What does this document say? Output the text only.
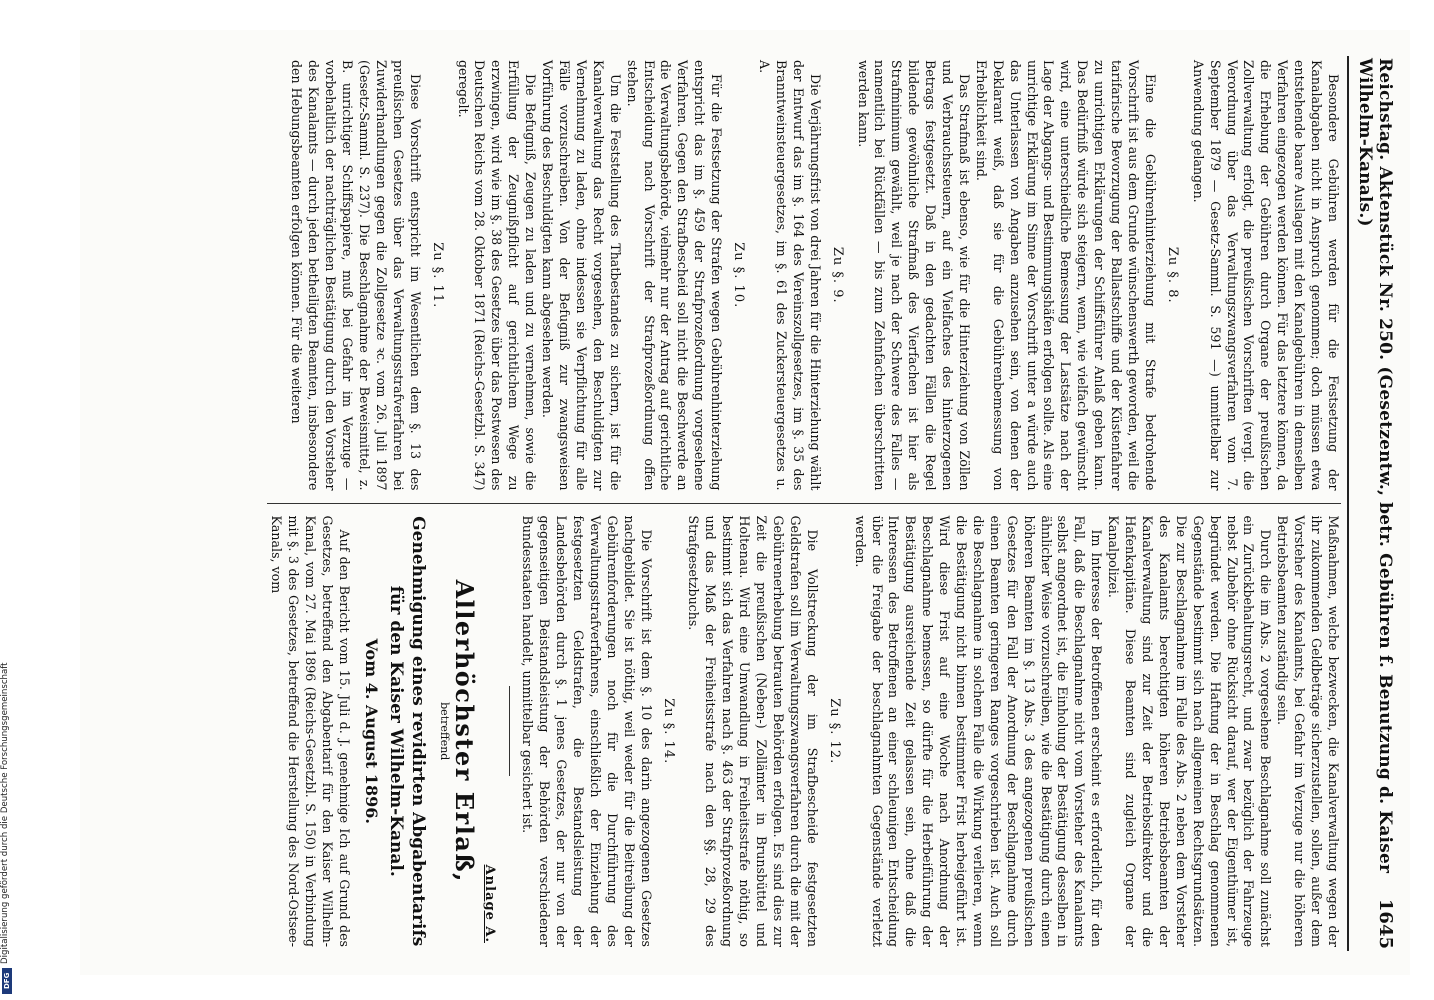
Reichstag. Aktenstück Nr. 250. (Gesetzentw., betr. Gebühren f. Benutzung d. Kaiser Wilhelm-Kanals.)
1645

Besondere Gebühren werden für die Festsetzung der Kanalabgaben nicht in Anspruch genommen; doch müssen etwa entstehende baare Auslagen mit den Kanalgebühren in demselben Verfahren eingezogen werden können. Für das letztere können, da die Erhebung der Gebühren durch Organe der preußischen Zollverwaltung erfolgt, die preußischen Vorschriften (vergl. die Verordnung über das Verwaltungszwangsverfahren vom 7. September 1879 — Gesetz-Samml. S. 591 —) unmittelbar zur Anwendung gelangen.

Zu §. 8.

Eine die Gebührenhinterziehung mit Strafe bedrohende Vorschrift ist aus dem Grunde wünschenswerth geworden, weil die tarifarische Bevorzugung der Ballastschiffe und der Küstenfahrer zu unrichtigen Erklärungen der Schiffsführer Anlaß geben kann. Das Bedürfniß würde sich steigern, wenn, wie vielfach gewünscht wird, eine unterschiedliche Bemessung der Lastsätze nach der Lage der Abgangs- und Bestimmungshäfen erfolgen sollte. Als eine unrichtige Erklärung im Sinne der Vorschrift unter a würde auch das Unterlassen von Angaben anzusehen sein, von denen der Deklarant weiß, daß sie für die Gebührenbemessung von Erheblichkeit sind.

Das Strafmaß ist ebenso, wie für die Hinterziehung von Zöllen und Verbrauchssteuern, auf ein Vielfaches des hinterzogenen Betrags festgesetzt. Daß in den gedachten Fällen die Regel bildende gewöhnliche Strafmaß des Vierfachen ist hier als Strafminimum gewählt, weil je nach der Schwere des Falles — namentlich bei Rückfällen — bis zum Zehnfachen überschritten werden kann.

Zu §. 9.

Die Verjährungsfrist von drei Jahren für die Hinterziehung wählt der Entwurf das im §. 164 des Vereinszollgesetzes, im §. 35 des Branntweinsteuergesetzes, im §. 61 des Zuckersteuergesetzes u. A.

Zu §. 10.

Für die Festsetzung der Strafen wegen Gebührenhinterziehung entspricht das im §. 459 der Strafprozeßordnung vorgesehene Verfahren. Gegen den Strafbescheid soll nicht die Beschwerde an die Verwaltungsbehörde, vielmehr nur der Antrag auf gerichtliche Entscheidung nach Vorschrift der Strafprozeßordnung offen stehen.

Um die Feststellung des Thatbestandes zu sichern, ist für die Kanalverwaltung das Recht vorgesehen, den Beschuldigten zur Vernehmung zu laden, ohne indessen sie Verpflichtung für alle Fälle vorzuschreiben. Von der Befugniß zur zwangsweisen Vorführung des Beschuldigten kann abgesehen werden.

Die Befugniß, Zeugen zu laden und zu vernehmen, sowie die Erfüllung der Zeugnißpflicht auf gerichtlichem Wege zu erzwingen, wird wie im §. 38 des Gesetzes über das Postwesen des Deutschen Reichs vom 28. Oktober 1871 (Reichs-Gesetzbl. S. 347) geregelt.

Zu §. 11.

Diese Vorschrift entspricht im Wesentlichen dem §. 13 des preußischen Gesetzes über das Verwaltungsstrafverfahren bei Zuwiderhandlungen gegen die Zollgesetze ꝛc. vom 26. Juli 1897 (Gesetz-Samml. S. 237). Die Beschlagnahme der Beweismittel, z. B. unrichtiger Schiffspapiere, muß bei Gefahr im Verzuge — vorbehaltlich der nachträglichen Bestätigung durch den Vorsteher des Kanalamts — durch jeden betheiligten Beamten, insbesondere den Hebungsbeamten erfolgen können. Für die weiteren

Maßnahmen, welche bezwecken, die Kanalverwaltung wegen der ihr zukommenden Geldbeträge sicherzustellen, sollen, außer dem Vorsteher des Kanalamts, bei Gefahr im Verzuge nur die höheren Betriebsbeamten zuständig sein.

Durch die im Abs. 2 vorgesehene Beschlagnahme soll zunächst ein Zurückbehaltungsrecht, und zwar bezüglich der Fahrzeuge nebst Zubehör ohne Rücksicht darauf, wer der Eigenthümer ist, begründet werden. Die Haftung der in Beschlag genommenen Gegenstände bestimmt sich nach allgemeinen Rechtsgrundsätzen. Die zur Beschlagnahme im Falle des Abs. 2 neben dem Vorsteher des Kanalamts berechtigten höheren Betriebsbeamten der Kanalverwaltung sind zur Zeit der Betriebsdirektor und die Hafenkapitäne. Diese Beamten sind zugleich Organe der Kanalpolizei.

Im Interesse der Betroffenen erscheint es erforderlich, für den Fall, daß die Beschlagnahme nicht vom Vorsteher des Kanalamts selbst angeordnet ist, die Einholung der Bestätigung desselben in ähnlicher Weise vorzuschreiben, wie die Bestätigung durch einen höheren Beamten im §. 13 Abs. 3 des angezogenen preußischen Gesetzes für den Fall der Anordnung der Beschlagnahme durch einen Beamten geringeren Ranges vorgeschrieben ist. Auch soll die Beschlagnahme in solchem Falle die Wirkung verlieren, wenn die Bestätigung nicht binnen bestimmter Frist herbeigeführt ist. Wird diese Frist auf eine Woche nach Anordnung der Beschlagnahme bemessen, so dürfte für die Herbeiführung der Bestätigung ausreichende Zeit gelassen sein, ohne daß die Interessen des Betroffenen an einer schleunigen Entscheidung über die Freigabe der beschlagnahmten Gegenstände verletzt werden.

Zu §. 12.

Die Vollstreckung der im Strafbescheide festgesetzten Geldstrafen soll im Verwaltungszwangsverfahren durch die mit der Gebührenerhebung betrauten Behörden erfolgen. Es sind dies zur Zeit die preußischen (Neben-) Zollämter in Brunsbüttel und Holtenau. Wird eine Umwandlung in Freiheitsstrafe nöthig, so bestimmt sich das Verfahren nach §. 463 der Strafprozeßordnung und das Maß der Freiheitsstrafe nach den §§. 28, 29 des Strafgesetzbuchs.

Zu §. 14.

Die Vorschrift ist dem §. 10 des darin angezogenen Gesetzes nachgebildet. Sie ist nöthig, weil weder für die Beitreibung der Gebührenforderungen noch für die Durchführung des Verwaltungsstrafverfahrens, einschließlich der Einziehung der festgesetzten Geldstrafen, die Bestandsleistung der Landesbehörden durch §. 1 jenes Gesetzes, der nur von der gegenseitigen Beistandsleistung der Behörden verschiedener Bundesstaaten handelt, unmittelbar gesichert ist.

Anlage A.
Allerhöchster Erlaß,
betreffend
Genehmigung eines revidirten Abgabentarifs
für den Kaiser Wilhelm-Kanal.
Vom 4. August 1896.

Auf den Bericht vom 15. Juli d. J. genehmige Ich auf Grund des Gesetzes, betreffend den Abgabentarif für den Kaiser Wilhelm-Kanal, vom 27. Mai 1896 (Reichs-Gesetzbl. S. 150) in Verbindung mit §. 3 des Gesetzes, betreffend die Herstellung des Nord-Ostsee-Kanals, vom

DFG
Digitalisierung gefördert durch die Deutsche Forschungsgemeinschaft
